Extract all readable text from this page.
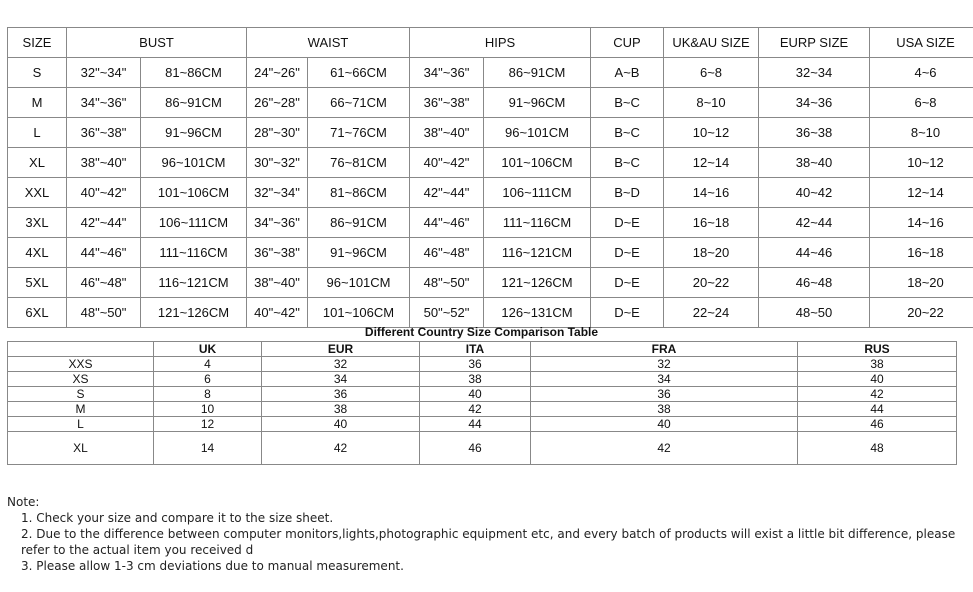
SIZE	BUST		WAIST		HIPS		CUP	UK&AU SIZE	EURP SIZE	USA SIZE
S	32"~34"	81~86CM	24"~26"	61~66CM	34"~36"	86~91CM	A~B	6~8	32~34	4~6
M	34"~36"	86~91CM	26"~28"	66~71CM	36"~38"	91~96CM	B~C	8~10	34~36	6~8
L	36"~38"	91~96CM	28"~30"	71~76CM	38"~40"	96~101CM	B~C	10~12	36~38	8~10
XL	38"~40"	96~101CM	30"~32"	76~81CM	40"~42"	101~106CM	B~C	12~14	38~40	10~12
XXL	40"~42"	101~106CM	32"~34"	81~86CM	42"~44"	106~111CM	B~D	14~16	40~42	12~14
3XL	42"~44"	106~111CM	34"~36"	86~91CM	44"~46"	111~116CM	D~E	16~18	42~44	14~16
4XL	44"~46"	111~116CM	36"~38"	91~96CM	46"~48"	116~121CM	D~E	18~20	44~46	16~18
5XL	46"~48"	116~121CM	38"~40"	96~101CM	48"~50"	121~126CM	D~E	20~22	46~48	18~20
6XL	48"~50"	121~126CM	40"~42"	101~106CM	50"~52"	126~131CM	D~E	22~24	48~50	20~22
Different Country Size Comparison Table
	UK	EUR	ITA	FRA	RUS	
XXS	4	32	36	32	38	
XS	6	34	38	34	40	
S	8	36	40	36	42	
M	10	38	42	38	44	
L	12	40	44	40	46	
XL	14	42	46	42	48	
Note:
1. Check your size and compare it to the size sheet.
2. Due to the difference between computer monitors,lights,photographic equipment etc, and every batch of products will exist a little bit difference, please refer to the actual item you received d
3. Please allow 1-3 cm deviations due to manual measurement.
